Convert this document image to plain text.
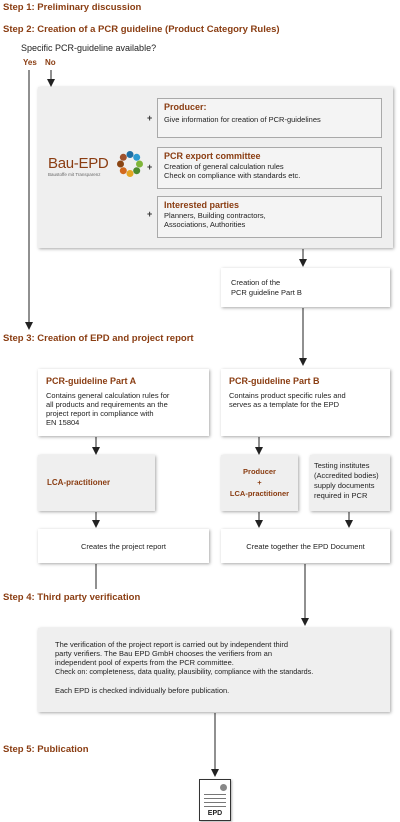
Step 1: Preliminary discussion
Step 2: Creation of a PCR guideline (Product Category Rules)
Specific PCR-guideline available?
Yes No
Bau-EPD
Baustoffe mit Transparenz
+
+
+
Producer:
Give information for creation of PCR-guidelines
PCR export committee
Creation of general calculation rules
Check on compliance with standards etc.
Interested parties
Planners, Building contractors,
Associations, Authorities
Creation of the
PCR guideline Part B
Step 3: Creation of EPD and project report
PCR-guideline Part A
Contains general calculation rules for
all products and requirements an the
project report in compliance with
EN 15804
PCR-guideline Part B
Contains product specific rules and
serves as a template for the EPD
LCA-practitioner
Producer
+
LCA-practitioner
Testing institutes
(Accredited bodies)
supply documents
required in PCR
Creates the project report	Create together the EPD Document
Step 4: Third party verification
The verification of the project report is carried out by independent third
party verifiers. The Bau EPD GmbH chooses the verifiers from an
independent pool of experts from the PCR committee.
Check on: completeness, data quality, plausibility, compliance with the standards.
Each EPD is checked individually before publication.
Step 5: Publication
EPD
